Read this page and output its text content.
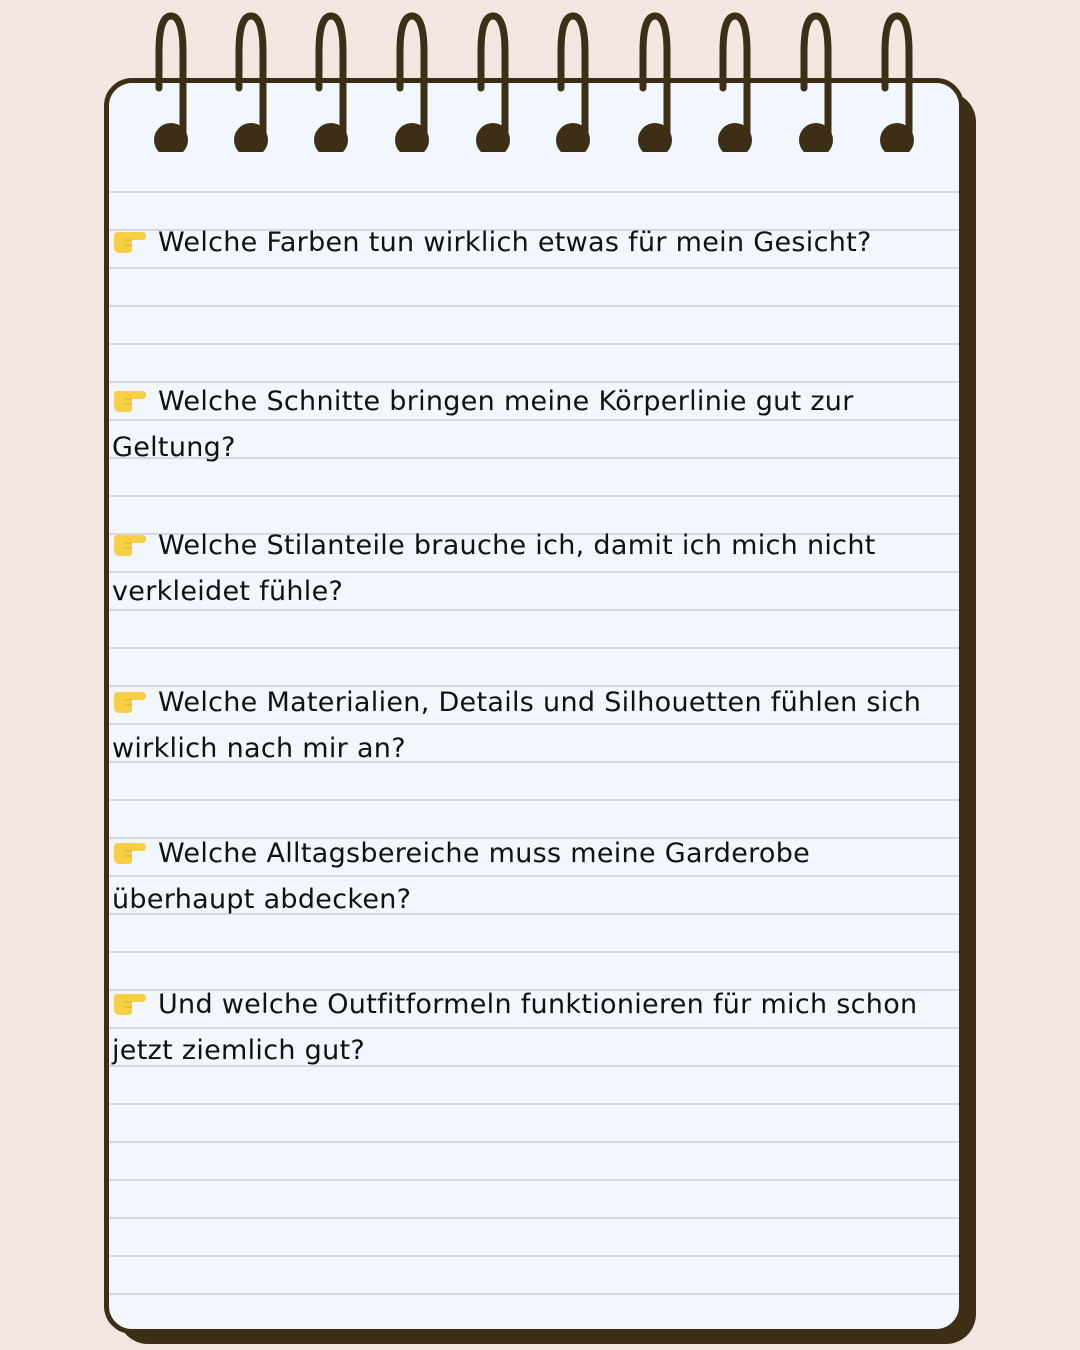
Welche Farben tun wirklich etwas für mein Gesicht?
Welche Schnitte bringen meine Körperlinie gut zur Geltung?
Welche Stilanteile brauche ich, damit ich mich nicht verkleidet fühle?
Welche Materialien, Details und Silhouetten fühlen sich wirklich nach mir an?
Welche Alltagsbereiche muss meine Garderobe überhaupt abdecken?
Und welche Outfitformeln funktionieren für mich schon jetzt ziemlich gut?
